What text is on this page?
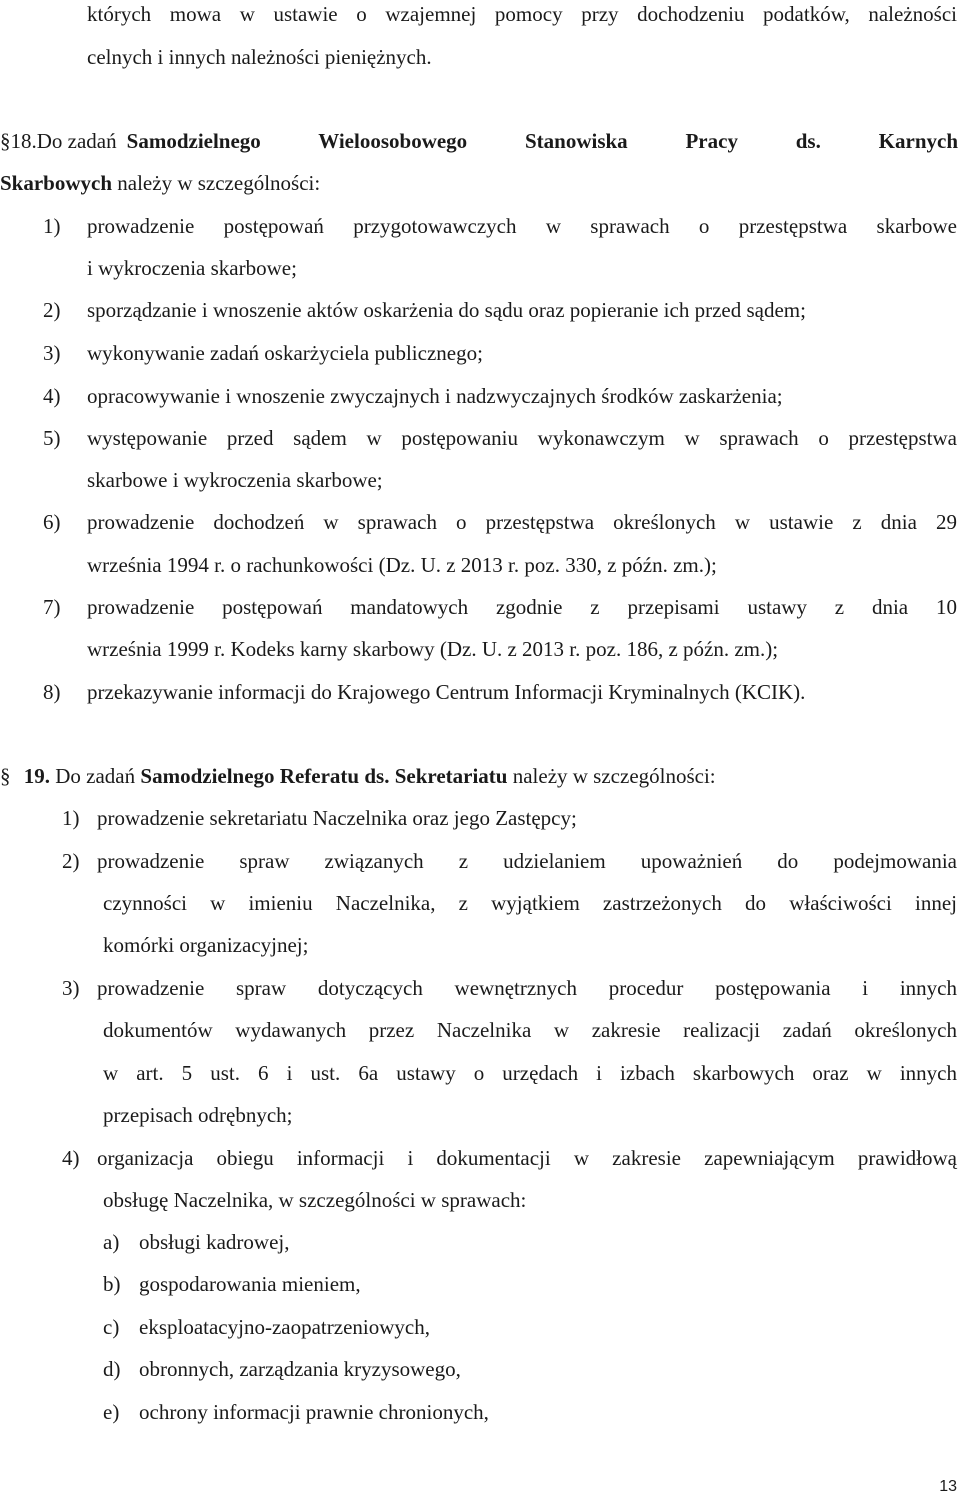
których mowa w ustawie o wzajemnej pomocy przy dochodzeniu podatków, należności
celnych i innych należności pieniężnych.
§ 18. Do zadań Samodzielnego Wieloosobowego Stanowiska Pracy ds. Karnych
Skarbowych należy w szczególności:
1) prowadzenie postępowań przygotowawczych w sprawach o przestępstwa skarbowe
i wykroczenia skarbowe;
2) sporządzanie i wnoszenie aktów oskarżenia do sądu oraz popieranie ich przed sądem;
3) wykonywanie zadań oskarżyciela publicznego;
4) opracowywanie i wnoszenie zwyczajnych i nadzwyczajnych środków zaskarżenia;
5) występowanie przed sądem w postępowaniu wykonawczym w sprawach o przestępstwa
skarbowe i wykroczenia skarbowe;
6) prowadzenie dochodzeń w sprawach o przestępstwa określonych w ustawie z dnia 29
września 1994 r. o rachunkowości (Dz. U. z 2013 r. poz. 330, z późn. zm.);
7) prowadzenie postępowań mandatowych zgodnie z przepisami ustawy z dnia 10
września 1999 r. Kodeks karny skarbowy (Dz. U. z 2013 r. poz. 186, z późn. zm.);
8) przekazywanie informacji do Krajowego Centrum Informacji Kryminalnych (KCIK).
§ 19. Do zadań Samodzielnego Referatu ds. Sekretariatu należy w szczególności:
1) prowadzenie sekretariatu Naczelnika oraz jego Zastępcy;
2) prowadzenie spraw związanych z udzielaniem upoważnień do podejmowania
czynności w imieniu Naczelnika, z wyjątkiem zastrzeżonych do właściwości innej
komórki organizacyjnej;
3) prowadzenie spraw dotyczących wewnętrznych procedur postępowania i innych
dokumentów wydawanych przez Naczelnika w zakresie realizacji zadań określonych
w art. 5 ust. 6 i ust. 6a ustawy o urzędach i izbach skarbowych oraz w innych
przepisach odrębnych;
4) organizacja obiegu informacji i dokumentacji w zakresie zapewniającym prawidłową
obsługę Naczelnika, w szczególności w sprawach:
a) obsługi kadrowej,
b) gospodarowania mieniem,
c) eksploatacyjno-zaopatrzeniowych,
d) obronnych, zarządzania kryzysowego,
e) ochrony informacji prawnie chronionych,
13
